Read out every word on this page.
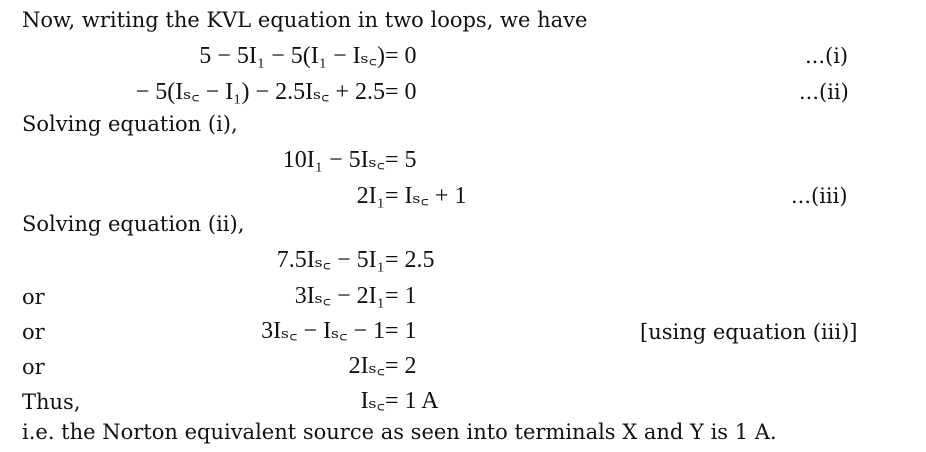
Now, writing the KVL equation in two loops, we have
5 − 5I₁ − 5(I₁ − Iₛ꜀) = 0	...(i)
− 5(Iₛ꜀ − I₁) − 2.5Iₛ꜀ + 2.5 = 0	...(ii)
Solving equation (i),
10I₁ − 5Iₛ꜀ = 5
2I₁ = Iₛ꜀ + 1	...(iii)
Solving equation (ii),
7.5Iₛ꜀ − 5I₁ = 2.5
or	3Iₛ꜀ − 2I₁ = 1
or	3Iₛ꜀ − Iₛ꜀ − 1 = 1	[using equation (iii)]
or	2Iₛ꜀ = 2
Thus,	Iₛ꜀ = 1 A
i.e. the Norton equivalent source as seen into terminals X and Y is 1 A.
